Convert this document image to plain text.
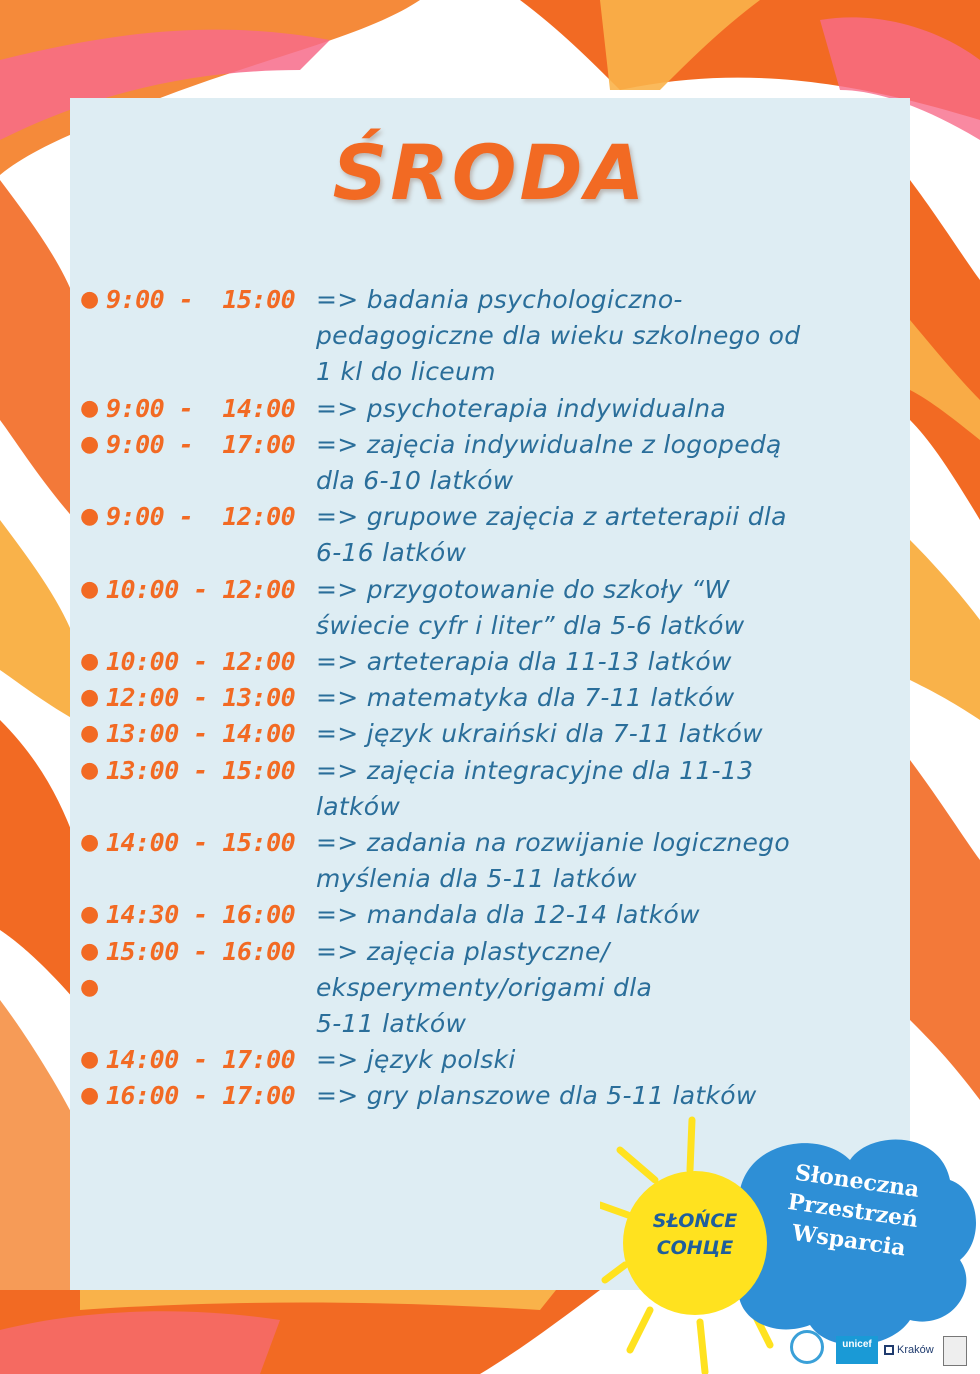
ŚRODA
● 9:00 -  15:00 => badania psychologiczno-
pedagogiczne dla wieku szkolnego od
1 kl do liceum
● 9:00 -  14:00 => psychoterapia indywidualna
● 9:00 -  17:00 => zajęcia indywidualne z logopedą
dla 6-10 latków
● 9:00 -  12:00 => grupowe zajęcia z arteterapii dla
6-16 latków
● 10:00 - 12:00 => przygotowanie do szkoły “W
świecie cyfr i liter” dla 5-6 latków
● 10:00 - 12:00 => arteterapia dla 11-13 latków
● 12:00 - 13:00 => matematyka dla 7-11 latków
● 13:00 - 14:00 => język ukraiński dla 7-11 latków
● 13:00 - 15:00 => zajęcia integracyjne dla 11-13
latków
● 14:00 - 15:00 => zadania na rozwijanie logicznego
myślenia dla 5-11 latków
● 14:30 - 16:00 => mandala dla 12-14 latków
● 15:00 - 16:00 => zajęcia plastyczne/
●	eksperymenty/origami dla
5-11 latków
● 14:00 - 17:00 => język polski
● 16:00 - 17:00 => gry planszowe dla 5-11 latków
SŁOŃCE
СОНЦЕ
Słoneczna
Przestrzeń
Wsparcia
unicef	Kraków
